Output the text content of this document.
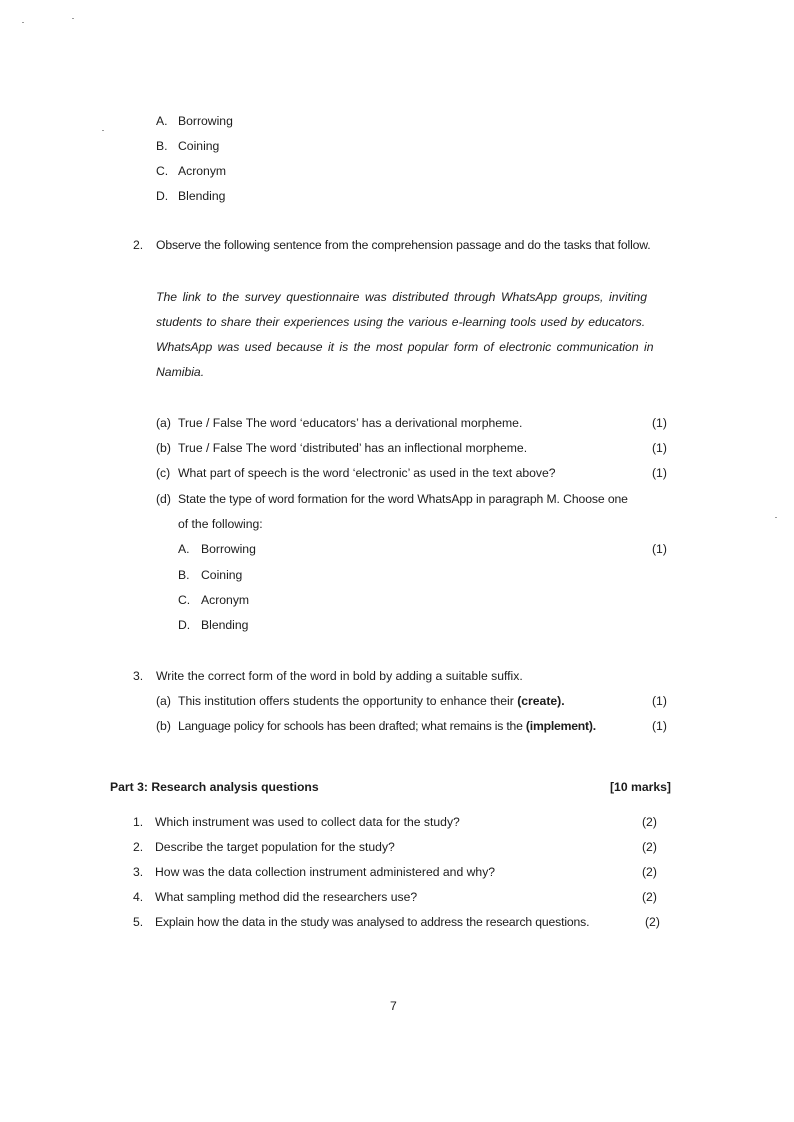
A. Borrowing
B. Coining
C. Acronym
D. Blending
2. Observe the following sentence from the comprehension passage and do the tasks that follow.
The link to the survey questionnaire was distributed through WhatsApp groups, inviting
students to share their experiences using the various e-learning tools used by educators.
WhatsApp was used because it is the most popular form of electronic communication in
Namibia.
(a) True / False The word ‘educators’ has a derivational morpheme.	(1)
(b) True / False The word ‘distributed’ has an inflectional morpheme.	(1)
(c) What part of speech is the word ‘electronic’ as used in the text above?	(1)
(d) State the type of word formation for the word WhatsApp in paragraph M. Choose one
of the following:
A. Borrowing	(1)
B. Coining
C. Acronym
D. Blending
3. Write the correct form of the word in bold by adding a suitable suffix.
(a) This institution offers students the opportunity to enhance their (create).	(1)
(b) Language policy for schools has been drafted; what remains is the (implement).	(1)
Part 3: Research analysis questions	[10 marks]
1. Which instrument was used to collect data for the study?	(2)
2. Describe the target population for the study?	(2)
3. How was the data collection instrument administered and why?	(2)
4. What sampling method did the researchers use?	(2)
5. Explain how the data in the study was analysed to address the research questions.	(2)
7
